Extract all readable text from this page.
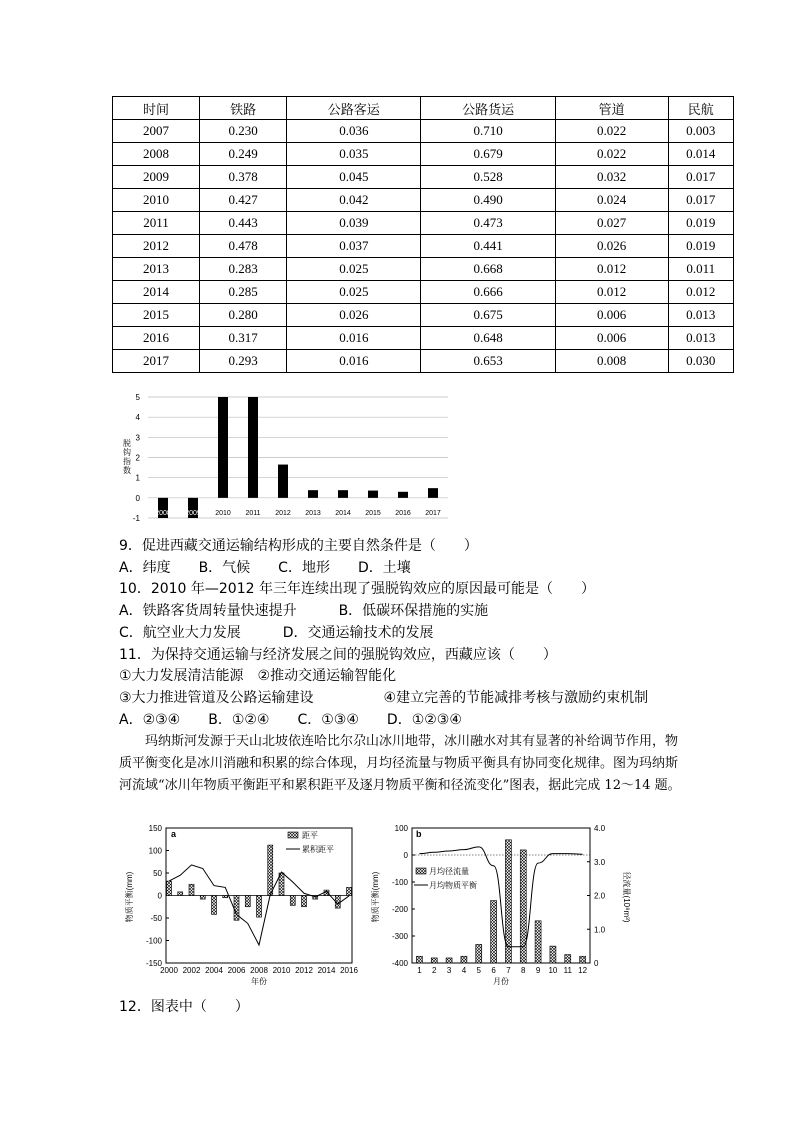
时间	铁路	公路客运	公路货运	管道	民航
2007	0.230	0.036	0.710	0.022	0.003
2008	0.249	0.035	0.679	0.022	0.014
2009	0.378	0.045	0.528	0.032	0.017
2010	0.427	0.042	0.490	0.024	0.017
2011	0.443	0.039	0.473	0.027	0.019
2012	0.478	0.037	0.441	0.026	0.019
2013	0.283	0.025	0.668	0.012	0.011
2014	0.285	0.025	0.666	0.012	0.012
2015	0.280	0.026	0.675	0.006	0.013
2016	0.317	0.016	0.648	0.006	0.013
2017	0.293	0.016	0.653	0.008	0.030
-1
0
1
2
3
4
5
2008 2009 2010 2011 2012 2013 2014 2015 2016 2017
脱钩指数
9．促进西藏交通运输结构形成的主要自然条件是（　　）
A．纬度　　B．气候　　C．地形　　D．土壤
10．2010 年—2012 年三年连续出现了强脱钩效应的原因最可能是（　　）
A．铁路客货周转量快速提升　　　B．低碳环保措施的实施
C．航空业大力发展　　　D．交通运输技术的发展
11．为保持交通运输与经济发展之间的强脱钩效应，西藏应该（　　）
①大力发展清洁能源　②推动交通运输智能化
③大力推进管道及公路运输建设　　　　　④建立完善的节能减排考核与激励约束机制
A．②③④　　B．①②④　　C．①③④　　D．①②③④
　　玛纳斯河发源于天山北坡依连哈比尔尕山冰川地带，冰川融水对其有显著的补给调节作用，物质平衡变化是冰川消融和积累的综合体现，月均径流量与物质平衡具有协同变化规律。图为玛纳斯河流域“冰川年物质平衡距平和累积距平及逐月物质平衡和径流变化”图表，据此完成 12～14 题。
-150
-100
-50
0
50
100
150
2000 2002 2004 2006 2008 2010 2012 2014 2016
a	距平
累积距平
年份
物质平衡(mm)
-400
-300
-200
-100
0
100
0
1.0
2.0
3.0
4.0
1 2 3 4 5 6 7 8 9 10 11 12
b
月均径流量
月均物质平衡
月份
物质平衡(mm)	径流量(10⁸m³)
12．图表中（　　）
